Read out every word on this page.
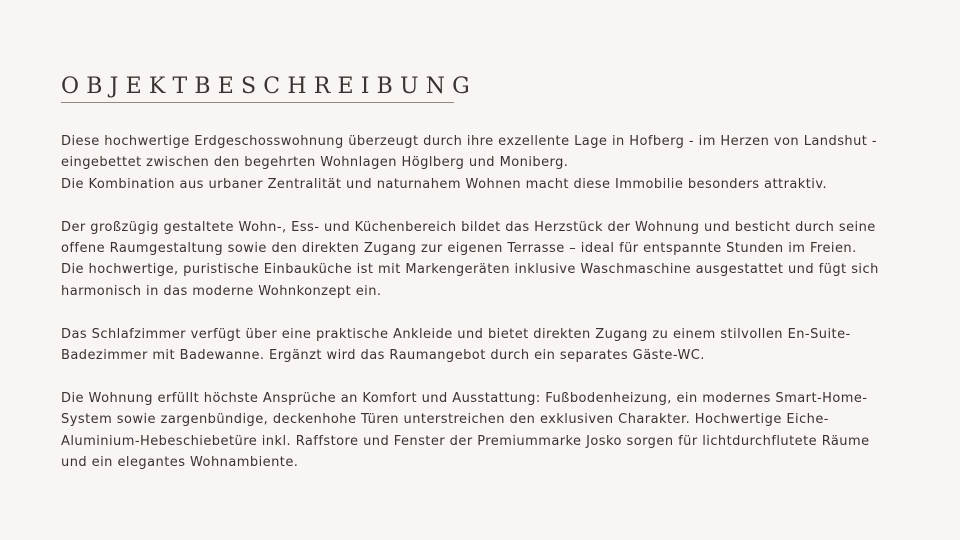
OBJEKTBESCHREIBUNG

Diese hochwertige Erdgeschosswohnung überzeugt durch ihre exzellente Lage in Hofberg - im Herzen von Landshut -
eingebettet zwischen den begehrten Wohnlagen Höglberg und Moniberg.
Die Kombination aus urbaner Zentralität und naturnahem Wohnen macht diese Immobilie besonders attraktiv.

Der großzügig gestaltete Wohn-, Ess- und Küchenbereich bildet das Herzstück der Wohnung und besticht durch seine
offene Raumgestaltung sowie den direkten Zugang zur eigenen Terrasse – ideal für entspannte Stunden im Freien.
Die hochwertige, puristische Einbauküche ist mit Markengeräten inklusive Waschmaschine ausgestattet und fügt sich
harmonisch in das moderne Wohnkonzept ein.

Das Schlafzimmer verfügt über eine praktische Ankleide und bietet direkten Zugang zu einem stilvollen En-Suite-
Badezimmer mit Badewanne. Ergänzt wird das Raumangebot durch ein separates Gäste-WC.

Die Wohnung erfüllt höchste Ansprüche an Komfort und Ausstattung: Fußbodenheizung, ein modernes Smart-Home-
System sowie zargenbündige, deckenhohe Türen unterstreichen den exklusiven Charakter. Hochwertige Eiche-
Aluminium-Hebeschiebetüre inkl. Raffstore und Fenster der Premiummarke Josko sorgen für lichtdurchflutete Räume
und ein elegantes Wohnambiente.
